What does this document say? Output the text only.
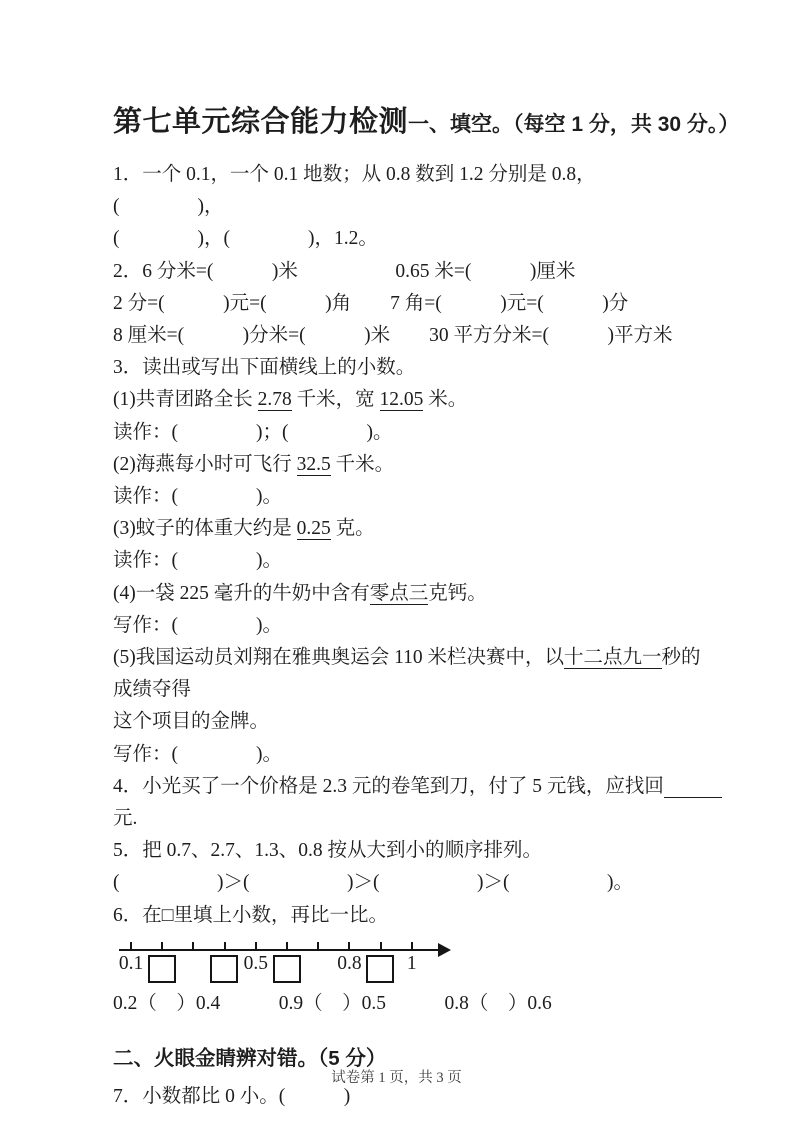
第七单元综合能力检测一、填空。（每空 1 分，共 30 分。）
1．一个 0.1，一个 0.1 地数；从 0.8 数到 1.2 分别是 0.8，(　　　　)，
(　　　　)，(　　　　)，1.2。
2．6 分米=(　　　)米　　　　　0.65 米=(　　　)厘米
2 分=(　　　)元=(　　　)角　　7 角=(　　　)元=(　　　)分
8 厘米=(　　　)分米=(　　　)米　　30 平方分米=(　　　)平方米
3．读出或写出下面横线上的小数。
(1)共青团路全长 2.78 千米，宽 12.05 米。
读作：(　　　　)；(　　　　)。
(2)海燕每小时可飞行 32.5 千米。
读作：(　　　　)。
(3)蚊子的体重大约是 0.25 克。
读作：(　　　　)。
(4)一袋 225 毫升的牛奶中含有零点三克钙。
写作：(　　　　)。
(5)我国运动员刘翔在雅典奥运会 110 米栏决赛中，以十二点九一秒的成绩夺得
这个项目的金牌。
写作：(　　　　)。
4．小光买了一个价格是 2.3 元的卷笔到刀，付了 5 元钱，应找回　　　元.
5．把 0.7、2.7、1.3、0.8 按从大到小的顺序排列。
(　　　　　)＞(　　　　　)＞(　　　　　)＞(　　　　　)。
6．在□里填上小数，再比一比。
0.1	0.5	0.8 1
0.2（　）0.4　　　0.9（　）0.5　　　0.8（　）0.6
二、火眼金睛辨对错。（5 分）
7．小数都比 0 小。(　　　)
试卷第 1 页，共 3 页
